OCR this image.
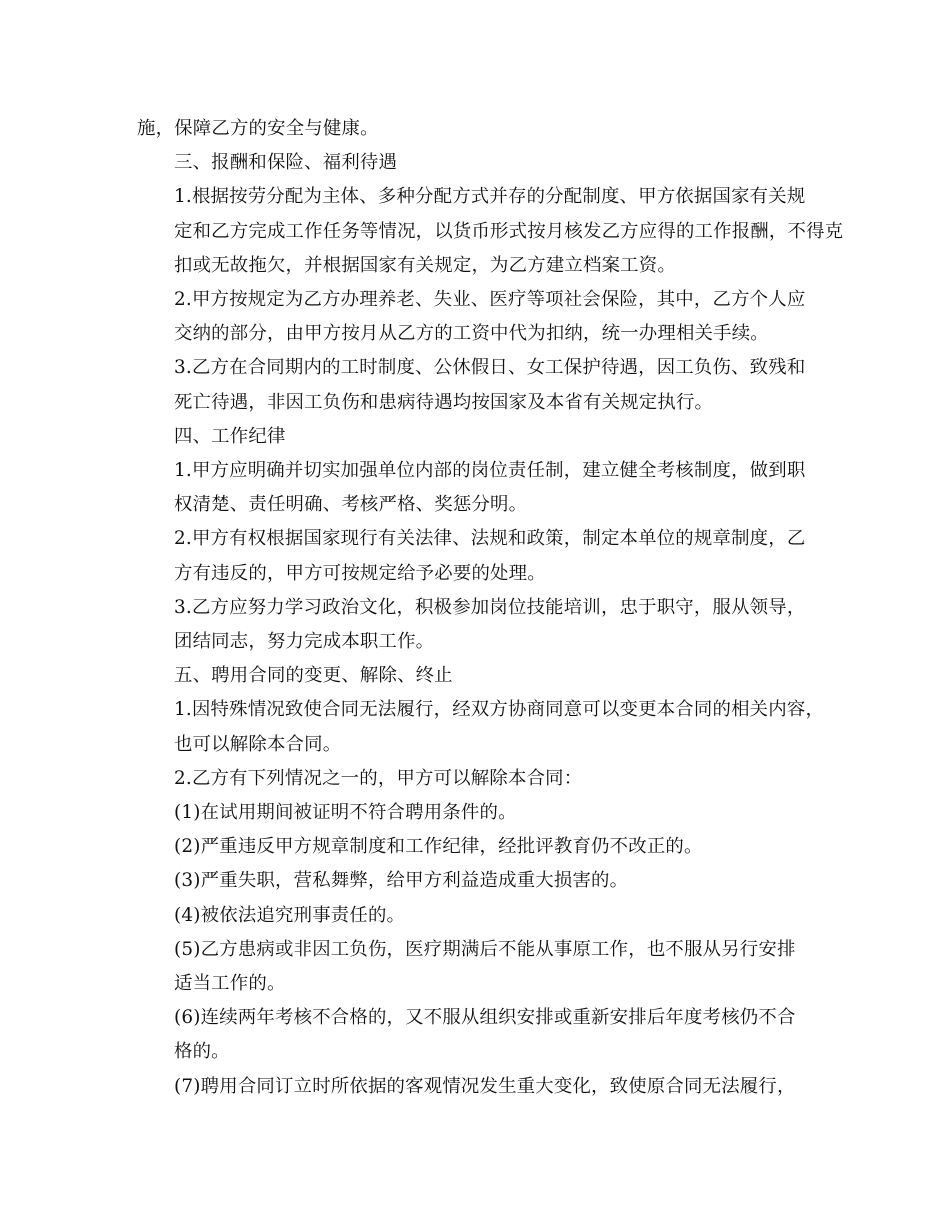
施，保障乙方的安全与健康。
三、报酬和保险、福利待遇
1.根据按劳分配为主体、多种分配方式并存的分配制度、甲方依据国家有关规
定和乙方完成工作任务等情况，以货币形式按月核发乙方应得的工作报酬，不得克
扣或无故拖欠，并根据国家有关规定，为乙方建立档案工资。
2.甲方按规定为乙方办理养老、失业、医疗等项社会保险，其中，乙方个人应
交纳的部分，由甲方按月从乙方的工资中代为扣纳，统一办理相关手续。
3.乙方在合同期内的工时制度、公休假日、女工保护待遇，因工负伤、致残和
死亡待遇，非因工负伤和患病待遇均按国家及本省有关规定执行。
四、工作纪律
1.甲方应明确并切实加强单位内部的岗位责任制，建立健全考核制度，做到职
权清楚、责任明确、考核严格、奖惩分明。
2.甲方有权根据国家现行有关法律、法规和政策，制定本单位的规章制度，乙
方有违反的，甲方可按规定给予必要的处理。
3.乙方应努力学习政治文化，积极参加岗位技能培训，忠于职守，服从领导，
团结同志，努力完成本职工作。
五、聘用合同的变更、解除、终止
1.因特殊情况致使合同无法履行，经双方协商同意可以变更本合同的相关内容，
也可以解除本合同。
2.乙方有下列情况之一的，甲方可以解除本合同：
(1)在试用期间被证明不符合聘用条件的。
(2)严重违反甲方规章制度和工作纪律，经批评教育仍不改正的。
(3)严重失职，营私舞弊，给甲方利益造成重大损害的。
(4)被依法追究刑事责任的。
(5)乙方患病或非因工负伤，医疗期满后不能从事原工作，也不服从另行安排
适当工作的。
(6)连续两年考核不合格的，又不服从组织安排或重新安排后年度考核仍不合
格的。
(7)聘用合同订立时所依据的客观情况发生重大变化，致使原合同无法履行，
